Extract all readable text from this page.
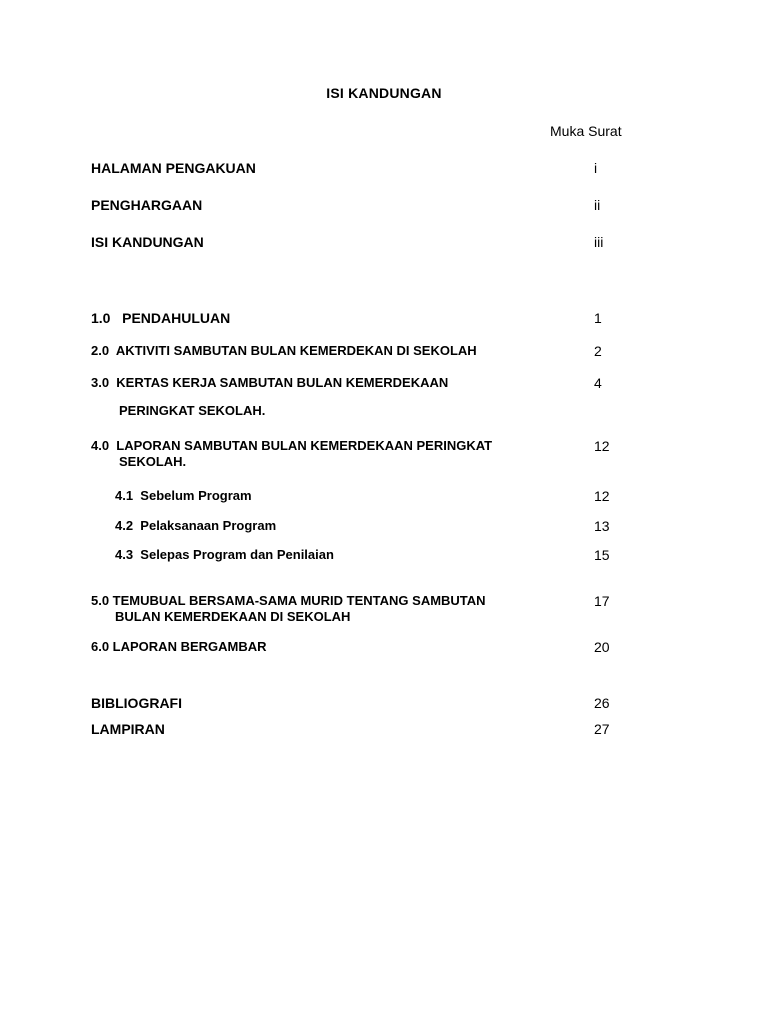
ISI KANDUNGAN
Muka Surat
HALAMAN PENGAKUAN	i
PENGHARGAAN	ii
ISI KANDUNGAN	iii
1.0   PENDAHULUAN	1
2.0  AKTIVITI SAMBUTAN BULAN KEMERDEKAN DI SEKOLAH	2
3.0  KERTAS KERJA SAMBUTAN BULAN KEMERDEKAAN	4
PERINGKAT SEKOLAH.
4.0  LAPORAN SAMBUTAN BULAN KEMERDEKAAN PERINGKAT	12
SEKOLAH.
4.1  Sebelum Program	12
4.2  Pelaksanaan Program	13
4.3  Selepas Program dan Penilaian	15
5.0 TEMUBUAL BERSAMA-SAMA MURID TENTANG SAMBUTAN	17
BULAN KEMERDEKAAN DI SEKOLAH
6.0 LAPORAN BERGAMBAR	20
BIBLIOGRAFI	26
LAMPIRAN	27
